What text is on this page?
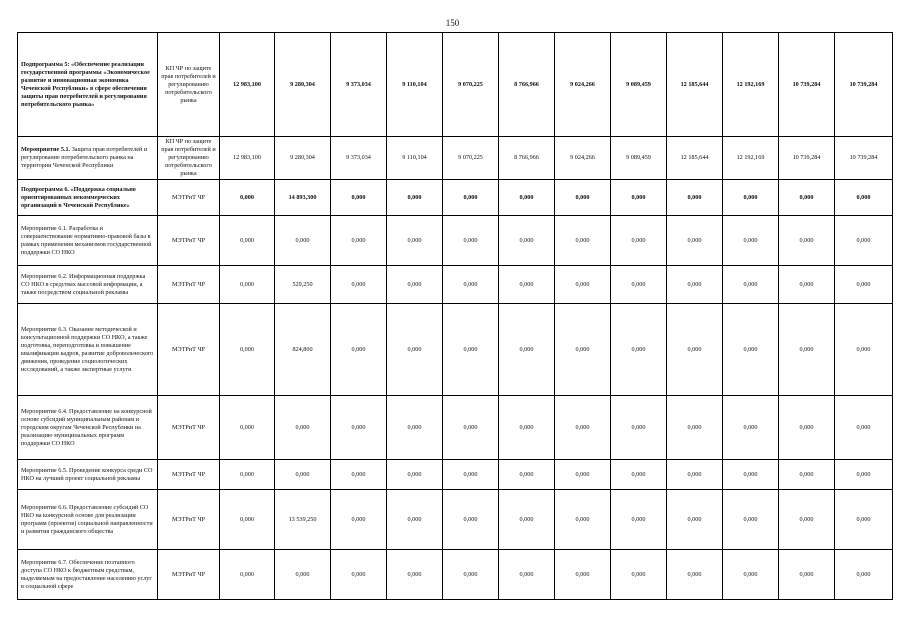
150
Подпрограмма 5: «Обеспечение реализации государственной программы «Экономическое развитие и инновационная экономика Чеченской Республики» в сфере обеспечения защиты прав потребителей и регулирования потребительского рынка»	КП ЧР по защите прав потребителей и регулированию потребительского рынка	12 983,100	9 280,304	9 373,034	9 110,104	9 070,225	8 766,966	9 024,266	9 089,459	12 185,644	12 192,169	10 739,284	10 739,284
Мероприятие 5.1. Защита прав потребителей и регулирование потребительского рынка на территории Чеченской Республики	КП ЧР по защите прав потребителей и регулированию потребительского рынка	12 983,100	9 280,304	9 373,034	9 110,104	9 070,225	8 766,966	9 024,266	9 089,459	12 185,644	12 192,169	10 739,284	10 739,284
Подпрограмма 6. «Поддержка социально ориентированных некоммерческих организаций в Чеченской Республике»	МЭТРиТ ЧР	0,000	14 893,300	0,000	0,000	0,000	0,000	0,000	0,000	0,000	0,000	0,000	0,000
Мероприятие 6.1. Разработка и совершенствование нормативно-правовой базы в рамках применения механизмов государственной поддержки СО НКО	МЭТРиТ ЧР	0,000	0,000	0,000	0,000	0,000	0,000	0,000	0,000	0,000	0,000	0,000	0,000
Мероприятие 6.2. Информационная поддержка СО НКО в средствах массовой информации, а также посредством социальной рекламы	МЭТРиТ ЧР	0,000	529,250	0,000	0,000	0,000	0,000	0,000	0,000	0,000	0,000	0,000	0,000
Мероприятие 6.3. Оказание методической и консультационной поддержки СО НКО, а также подготовка, переподготовка и повышение квалификации кадров, развитие добровольческого движения, проведение социологических исследований, а также экспертные услуги	МЭТРиТ ЧР	0,000	824,800	0,000	0,000	0,000	0,000	0,000	0,000	0,000	0,000	0,000	0,000
Мероприятие 6.4. Предоставление на конкурсной основе субсидий муниципальным районам и городским округам Чеченской Республики на реализацию муниципальных программ поддержки СО НКО	МЭТРиТ ЧР	0,000	0,000	0,000	0,000	0,000	0,000	0,000	0,000	0,000	0,000	0,000	0,000
Мероприятие 6.5. Проведение конкурса среди СО НКО на лучший проект социальной рекламы	МЭТРиТ ЧР	0,000	0,000	0,000	0,000	0,000	0,000	0,000	0,000	0,000	0,000	0,000	0,000
Мероприятие 6.6. Предоставление субсидий СО НКО на конкурсной основе для реализации программ (проектов) социальной направленности и развития гражданского общества	МЭТРиТ ЧР	0,000	13 539,250	0,000	0,000	0,000	0,000	0,000	0,000	0,000	0,000	0,000	0,000
Мероприятие 6.7. Обеспечение поэтапного доступа СО НКО к бюджетным средствам, выделяемым на предоставление населению услуг в социальной сфере	МЭТРиТ ЧР	0,000	0,000	0,000	0,000	0,000	0,000	0,000	0,000	0,000	0,000	0,000	0,000
